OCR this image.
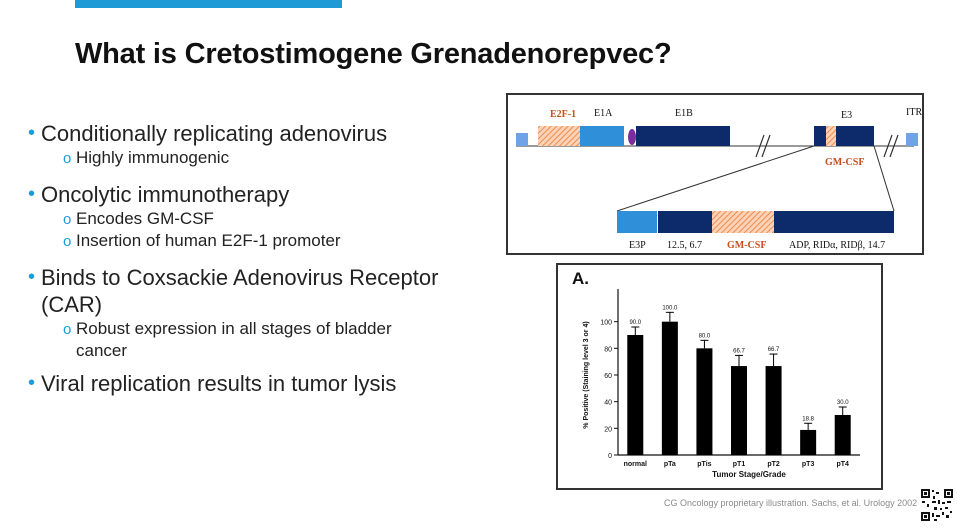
What is Cretostimogene Grenadenorepvec?
• Conditionally replicating adenovirus
o Highly immunogenic
• Oncolytic immunotherapy
o Encodes GM-CSF
o Insertion of human E2F-1 promoter
• Binds to Coxsackie Adenovirus Receptor
(CAR)
o Robust expression in all stages of bladder
cancer
• Viral replication results in tumor lysis
E2F-1 E1A	E1B	E3	ITR
GM-CSF
E3P 12.5, 6.7	GM-CSF ADP, RIDα, RIDβ, 14.7
A.
0
20
40
60
80
100
% Positive (Staining level 3 or 4)	90.0
normal
100.0
pTa
80.0
pTis
66.7
pT1
66.7
pT2
18.8
pT3
30.0
pT4
Tumor Stage/Grade
CG Oncology proprietary illustration. Sachs, et al. Urology 2002
